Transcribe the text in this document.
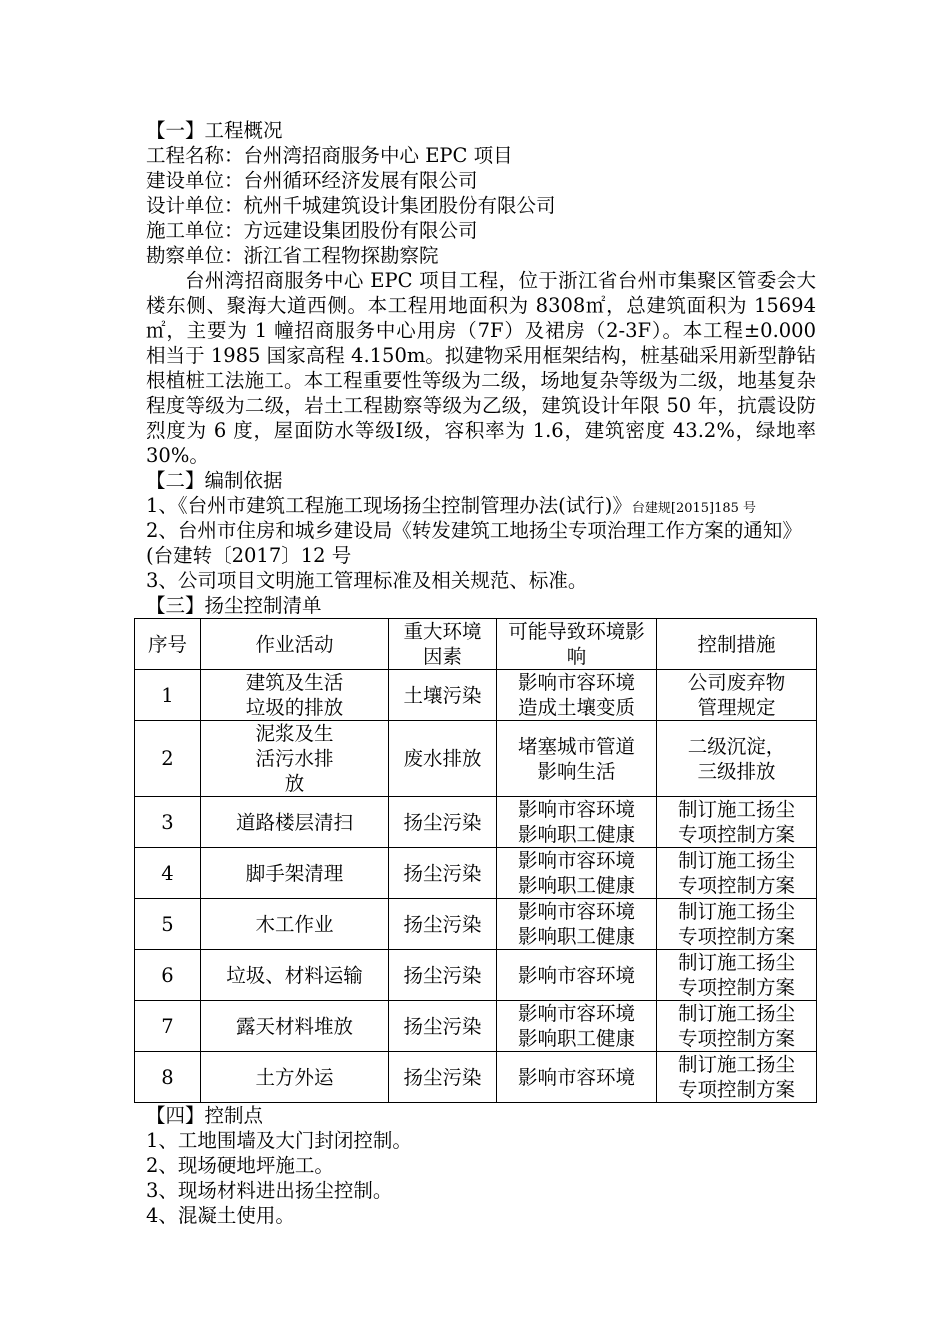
【一】工程概况
工程名称：台州湾招商服务中心 EPC 项目
建设单位：台州循环经济发展有限公司
设计单位：杭州千城建筑设计集团股份有限公司
施工单位：方远建设集团股份有限公司
勘察单位：浙江省工程物探勘察院
台州湾招商服务中心 EPC 项目工程，位于浙江省台州市集聚区管委会大楼东侧、聚海大道西侧。本工程用地面积为 8308㎡，总建筑面积为 15694㎡，主要为 1 幢招商服务中心用房（7F）及裙房（2-3F）。本工程±0.000 相当于 1985 国家高程 4.150m。拟建物采用框架结构，桩基础采用新型静钻根植桩工法施工。本工程重要性等级为二级，场地复杂等级为二级，地基复杂程度等级为二级，岩土工程勘察等级为乙级，建筑设计年限 50 年，抗震设防烈度为 6 度，屋面防水等级Ⅰ级，容积率为 1.6，建筑密度 43.2%，绿地率 30%。
【二】编制依据
1、《台州市建筑工程施工现场扬尘控制管理办法(试行)》台建规[2015]185 号
2、台州市住房和城乡建设局《转发建筑工地扬尘专项治理工作方案的通知》(台建转〔2017〕12 号
3、公司项目文明施工管理标准及相关规范、标准。
【三】扬尘控制清单
序号	作业活动	重大环境因素	可能导致环境影响	控制措施
1	建筑及生活垃圾的排放	土壤污染	影响市容环境造成土壤变质	公司废弃物管理规定
2	泥浆及生活污水排放	废水排放	堵塞城市管道影响生活	二级沉淀，三级排放
3	道路楼层清扫	扬尘污染	影响市容环境影响职工健康	制订施工扬尘专项控制方案
4	脚手架清理	扬尘污染	影响市容环境影响职工健康	制订施工扬尘专项控制方案
5	木工作业	扬尘污染	影响市容环境影响职工健康	制订施工扬尘专项控制方案
6	垃圾、材料运输	扬尘污染	影响市容环境	制订施工扬尘专项控制方案
7	露天材料堆放	扬尘污染	影响市容环境影响职工健康	制订施工扬尘专项控制方案
8	土方外运	扬尘污染	影响市容环境	制订施工扬尘专项控制方案
【四】控制点
1、工地围墙及大门封闭控制。
2、现场硬地坪施工。
3、现场材料进出扬尘控制。
4、混凝土使用。
